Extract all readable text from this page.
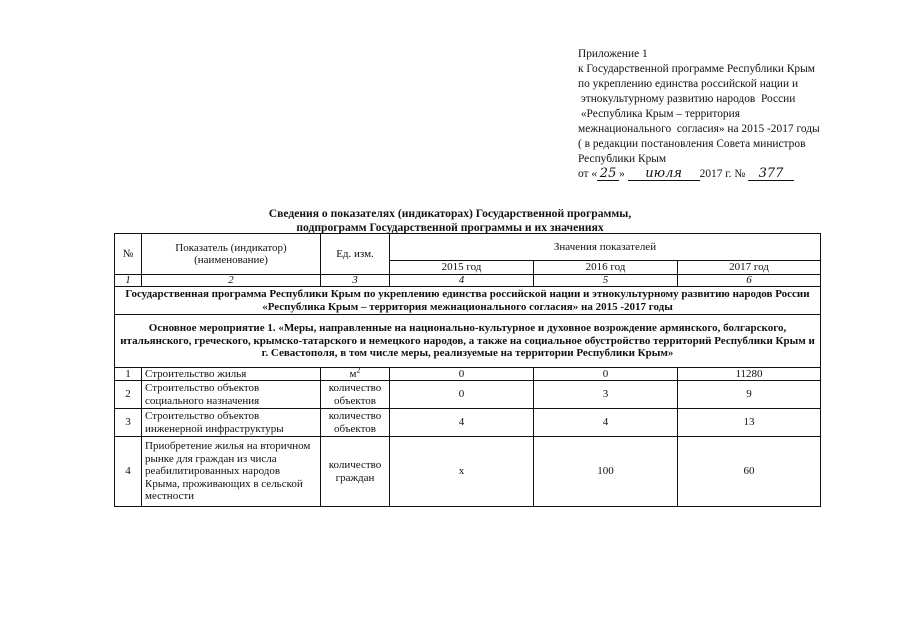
Приложение 1
к Государственной программе Республики Крым
по укреплению единства российской нации и
этнокультурному развитию народов  России
«Республика Крым – территория
межнационального  согласия» на 2015 -2017 годы
( в редакции постановления Совета министров
Республики Крым
от « 25 » июля 2017 г. № 377
Сведения о показателях (индикаторах) Государственной программы,
подпрограмм Государственной программы и их значениях
№	Показатель (индикатор) (наименование)	Ед. изм.	Значения показателей		
			2015 год	2016 год	2017 год
1	2	3	4	5	6
Государственная программа Республики Крым по укреплению единства российской нации и этнокультурному развитию народов России «Республика Крым – территория межнационального согласия» на 2015 -2017 годы					
Основное мероприятие 1. «Меры, направленные на национально-культурное и духовное возрождение армянского, болгарского, итальянского, греческого, крымско-татарского и немецкого народов, а также на социальное обустройство территорий Республики Крым и г. Севастополя, в том числе меры, реализуемые на территории Республики Крым»					
1	Строительство жилья	$м^2$	0	0	11280
2	Строительство объектов социального назначения	количество объектов	0	3	9
3	Строительство объектов инженерной инфраструктуры	количество объектов	4	4	13
4	Приобретение жилья на вторичном рынке для граждан из числа реабилитированных народов Крыма, проживающих в сельской местности	количество граждан	х	100	60
